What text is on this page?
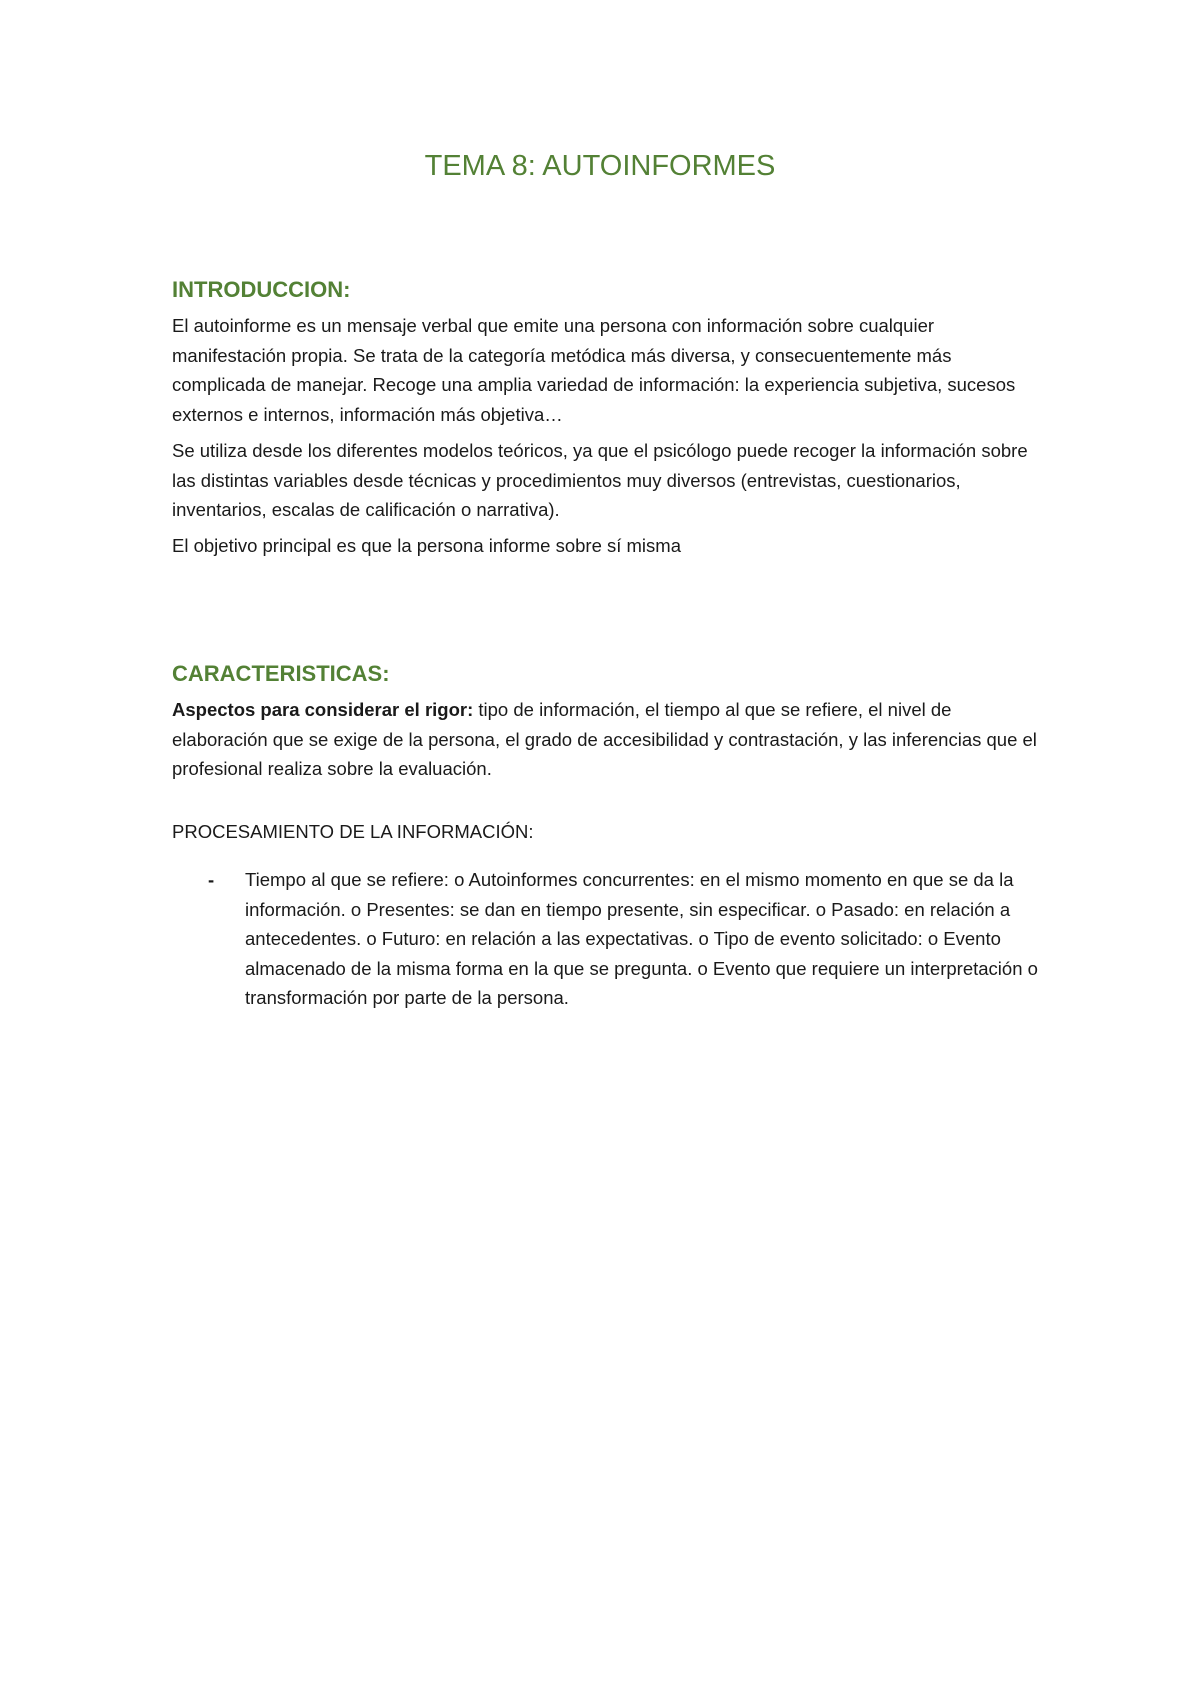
TEMA 8: AUTOINFORMES
INTRODUCCION:

El autoinforme es un mensaje verbal que emite una persona con información sobre cualquier manifestación propia. Se trata de la categoría metódica más diversa, y consecuentemente más complicada de manejar. Recoge una amplia variedad de información: la experiencia subjetiva, sucesos externos e internos, información más objetiva…

Se utiliza desde los diferentes modelos teóricos, ya que el psicólogo puede recoger la información sobre las distintas variables desde técnicas y procedimientos muy diversos (entrevistas, cuestionarios, inventarios, escalas de calificación o narrativa).

El objetivo principal es que la persona informe sobre sí misma

CARACTERISTICAS:

Aspectos para considerar el rigor: tipo de información, el tiempo al que se refiere, el nivel de elaboración que se exige de la persona, el grado de accesibilidad y contrastación, y las inferencias que el profesional realiza sobre la evaluación.

PROCESAMIENTO DE LA INFORMACIÓN:

- Tiempo al que se refiere: o Autoinformes concurrentes: en el mismo momento en que se da la información. o Presentes: se dan en tiempo presente, sin especificar. o Pasado: en relación a antecedentes. o Futuro: en relación a las expectativas. o Tipo de evento solicitado: o Evento almacenado de la misma forma en la que se pregunta. o Evento que requiere un interpretación o transformación por parte de la persona.
